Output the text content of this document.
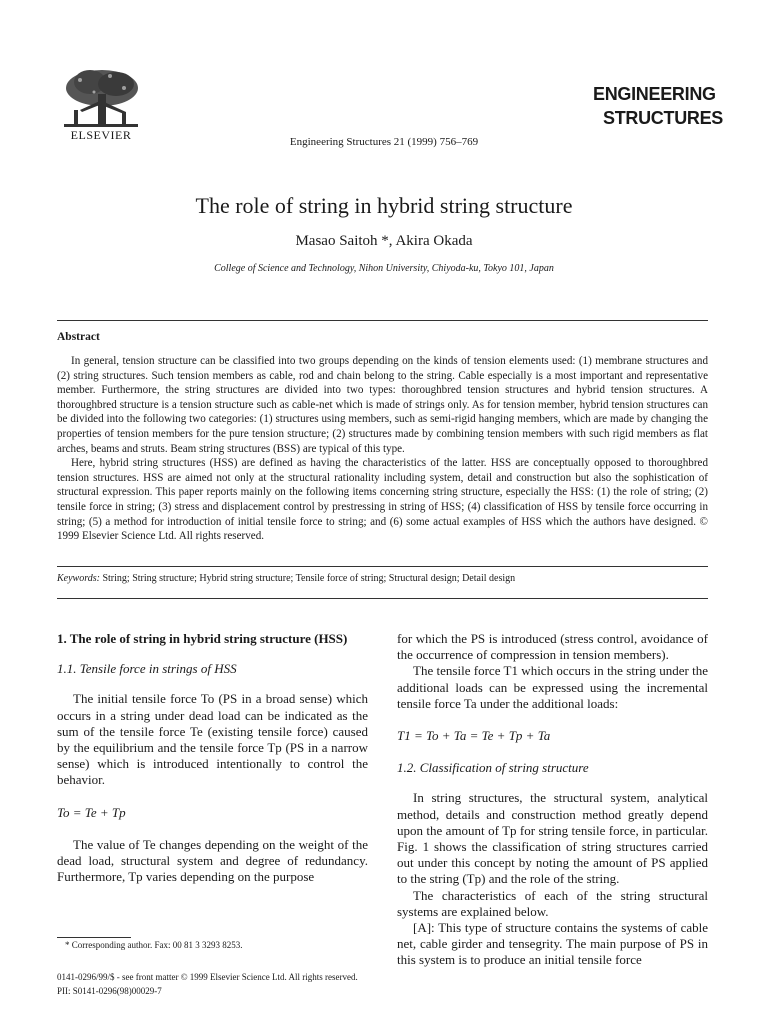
ELSEVIER
ENGINEERING
STRUCTURES
Engineering Structures 21 (1999) 756–769
The role of string in hybrid string structure
Masao Saitoh *, Akira Okada
College of Science and Technology, Nihon University, Chiyoda-ku, Tokyo 101, Japan
Abstract

In general, tension structure can be classified into two groups depending on the kinds of tension elements used: (1) membrane structures and (2) string structures. Such tension members as cable, rod and chain belong to the string. Cable especially is a most important and representative member. Furthermore, the string structures are divided into two types: thoroughbred tension structures and hybrid tension structures. A thoroughbred structure is a tension structure such as cable-net which is made of strings only. As for tension member, hybrid tension structures can be divided into the following two categories: (1) structures using members, such as semi-rigid hanging members, which are made by changing the properties of tension members for the pure tension structure; (2) structures made by combining tension members with such rigid members as flat arches, beams and struts. Beam string structures (BSS) are typical of this type.

Here, hybrid string structures (HSS) are defined as having the characteristics of the latter. HSS are conceptually opposed to thoroughbred tension structures. HSS are aimed not only at the structural rationality including system, detail and construction but also the sophistication of structural expression. This paper reports mainly on the following items concerning string structure, especially the HSS: (1) the role of string; (2) tensile force in string; (3) stress and displacement control by prestressing in string of HSS; (4) classification of HSS by tensile force occurring in string; (5) a method for introduction of initial tensile force to string; and (6) some actual examples of HSS which the authors have designed. © 1999 Elsevier Science Ltd. All rights reserved.

Keywords: String; String structure; Hybrid string structure; Tensile force of string; Structural design; Detail design

1. The role of string in hybrid string structure (HSS)

1.1. Tensile force in strings of HSS

The initial tensile force To (PS in a broad sense) which occurs in a string under dead load can be indicated as the sum of the tensile force Te (existing tensile force) caused by the equilibrium and the tensile force Tp (PS in a narrow sense) which is introduced intentionally to control the behavior.

To = Te + Tp

The value of Te changes depending on the weight of the dead load, structural system and degree of redundancy. Furthermore, Tp varies depending on the purpose

for which the PS is introduced (stress control, avoidance of the occurrence of compression in tension members).

The tensile force T1 which occurs in the string under the additional loads can be expressed using the incremental tensile force Ta under the additional loads:

T1 = To + Ta = Te + Tp + Ta

1.2. Classification of string structure

In string structures, the structural system, analytical method, details and construction method greatly depend upon the amount of Tp for string tensile force, in particular. Fig. 1 shows the classification of string structures carried out under this concept by noting the amount of PS applied to the string (Tp) and the role of the string.

The characteristics of each of the string structural systems are explained below.

[A]: This type of structure contains the systems of cable net, cable girder and tensegrity. The main purpose of PS in this system is to produce an initial tensile force

* Corresponding author. Fax: 00 81 3 3293 8253.
0141-0296/99/$ - see front matter © 1999 Elsevier Science Ltd. All rights reserved.
PII: S0141-0296(98)00029-7
